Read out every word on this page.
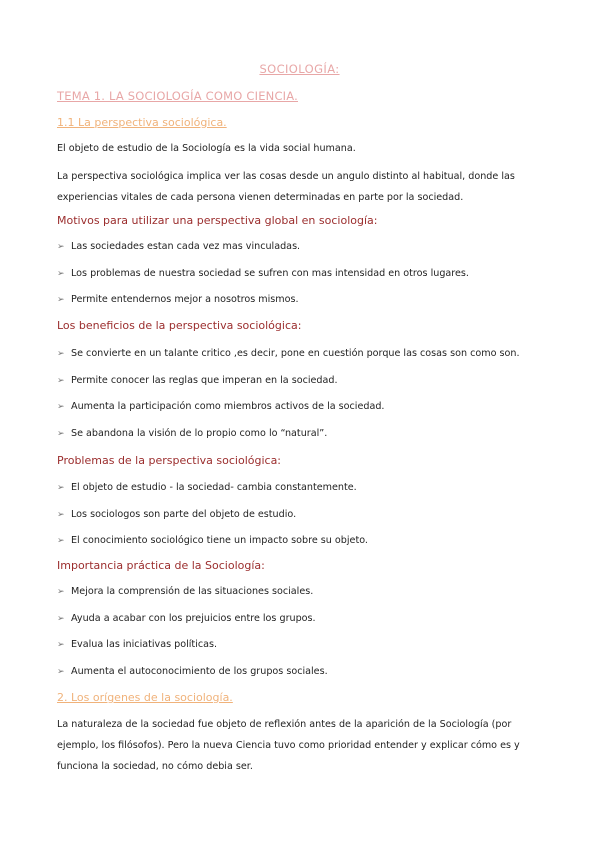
SOCIOLOGÍA:
TEMA 1. LA SOCIOLOGÍA COMO CIENCIA.
1.1 La perspectiva sociológica.
El objeto de estudio de la Sociología es la vida social humana.
La perspectiva sociológica implica ver las cosas desde un angulo distinto al habitual, donde las experiencias vitales de cada persona vienen determinadas en parte por la sociedad.
Motivos para utilizar una perspectiva global en sociología:
➢ Las sociedades estan cada vez mas vinculadas.
➢ Los problemas de nuestra sociedad se sufren con mas intensidad en otros lugares.
➢ Permite entendernos mejor a nosotros mismos.
Los beneficios de la perspectiva sociológica:
➢ Se convierte en un talante critico ,es decir, pone en cuestión porque las cosas son como son.
➢ Permite conocer las reglas que imperan en la sociedad.
➢ Aumenta la participación como miembros activos de la sociedad.
➢ Se abandona la visión de lo propio como lo “natural”.
Problemas de la perspectiva sociológica:
➢ El objeto de estudio - la sociedad- cambia constantemente.
➢ Los sociologos son parte del objeto de estudio.
➢ El conocimiento sociológico tiene un impacto sobre su objeto.
Importancia práctica de la Sociología:
➢ Mejora la comprensión de las situaciones sociales.
➢ Ayuda a acabar con los prejuicios entre los grupos.
➢ Evalua las iniciativas políticas.
➢ Aumenta el autoconocimiento de los grupos sociales.
2. Los orígenes de la sociología.
La naturaleza de la sociedad fue objeto de reflexión antes de la aparición de la Sociología (por ejemplo, los filósofos). Pero la nueva Ciencia tuvo como prioridad entender y explicar cómo es y funciona la sociedad, no cómo debia ser.
